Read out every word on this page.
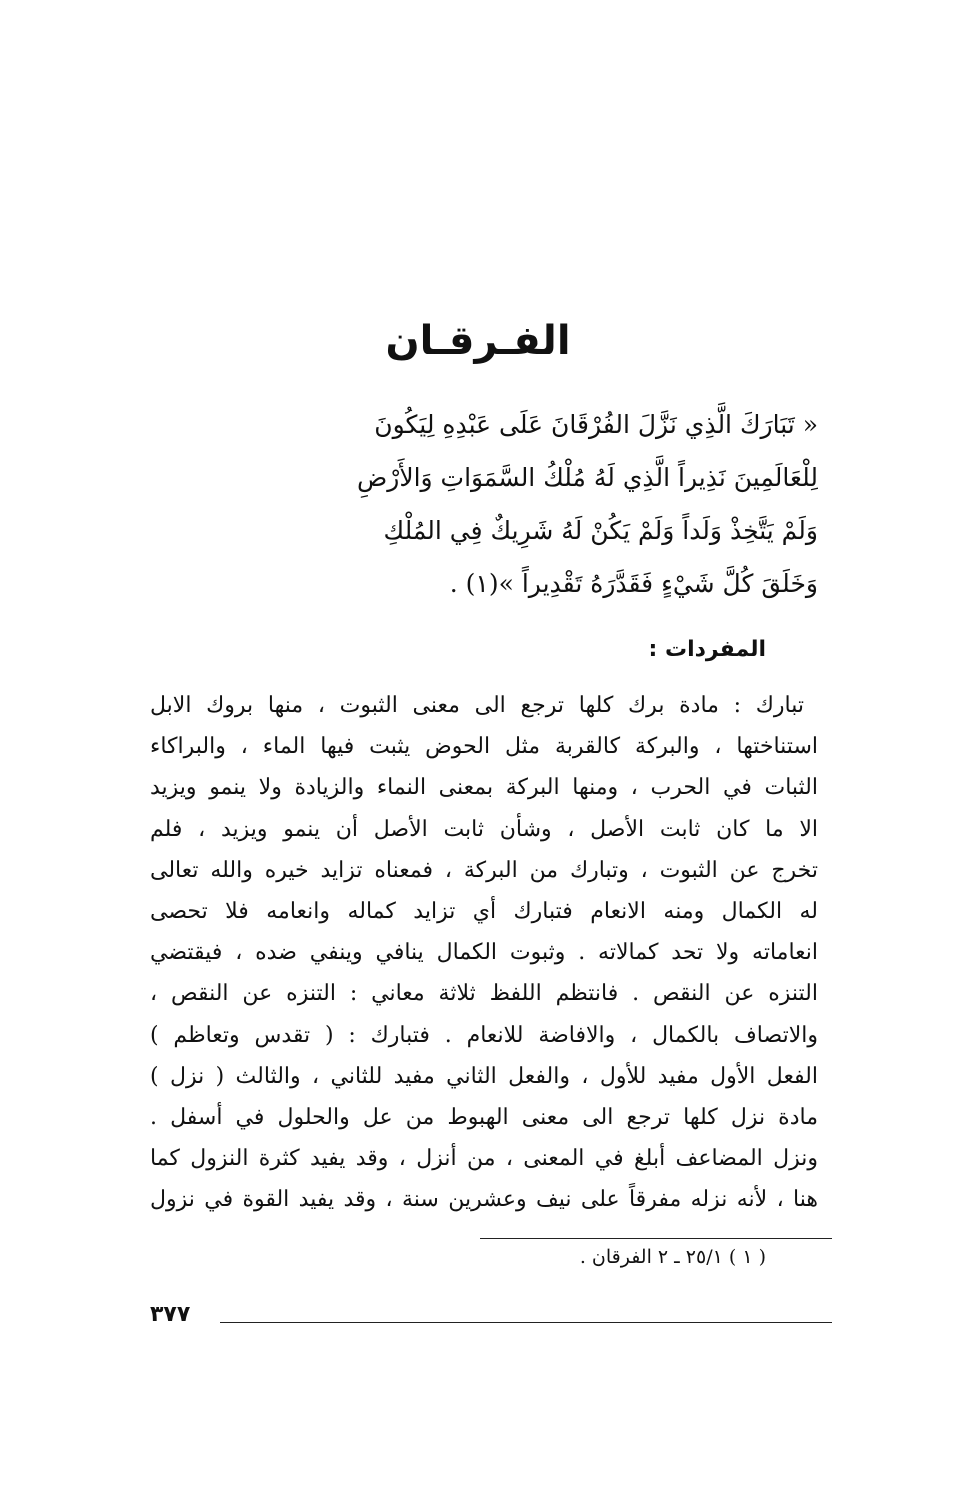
الفـرقـان
« تَبَارَكَ الَّذِي نَزَّلَ الفُرْقَانَ عَلَى عَبْدِهِ لِيَكُونَ
لِلْعَالَمِينَ نَذِيراً الَّذِي لَهُ مُلْكُ السَّمَوَاتِ وَالأَرْضِ
وَلَمْ يَتَّخِذْ وَلَداً وَلَمْ يَكُنْ لَهُ شَرِيكٌ فِي المُلْكِ
وَخَلَقَ كُلَّ شَيْءٍ فَقَدَّرَهُ تَقْدِيراً »(١) .
المفردات :
تبارك : مادة برك كلها ترجع الى معنى الثبوت ، منها بروك الابل
استناختها ، والبركة كالقربة مثل الحوض يثبت فيها الماء ، والبراكاء
الثبات في الحرب ، ومنها البركة بمعنى النماء والزيادة ولا ينمو ويزيد
الا ما كان ثابت الأصل ، وشأن ثابت الأصل أن ينمو ويزيد ، فلم
تخرج عن الثبوت ، وتبارك من البركة ، فمعناه تزايد خيره والله تعالى
له الكمال ومنه الانعام فتبارك أي تزايد كماله وانعامه فلا تحصى
انعاماته ولا تحد كمالاته . وثبوت الكمال ينافي وينفي ضده ، فيقتضي
التنزه عن النقص . فانتظم اللفظ ثلاثة معاني : التنزه عن النقص ،
والاتصاف بالكمال ، والافاضة للانعام . فتبارك : ( تقدس وتعاظم )
الفعل الأول مفيد للأول ، والفعل الثاني مفيد للثاني ، والثالث ( نزل )
مادة نزل كلها ترجع الى معنى الهبوط من عل والحلول في أسفل .
ونزل المضاعف أبلغ في المعنى ، من أنزل ، وقد يفيد كثرة النزول كما
هنا ، لأنه نزله مفرقاً على نيف وعشرين سنة ، وقد يفيد القوة في نزول
( ١ ) ٢٥/١ ـ ٢ الفرقان .
٣٧٧
